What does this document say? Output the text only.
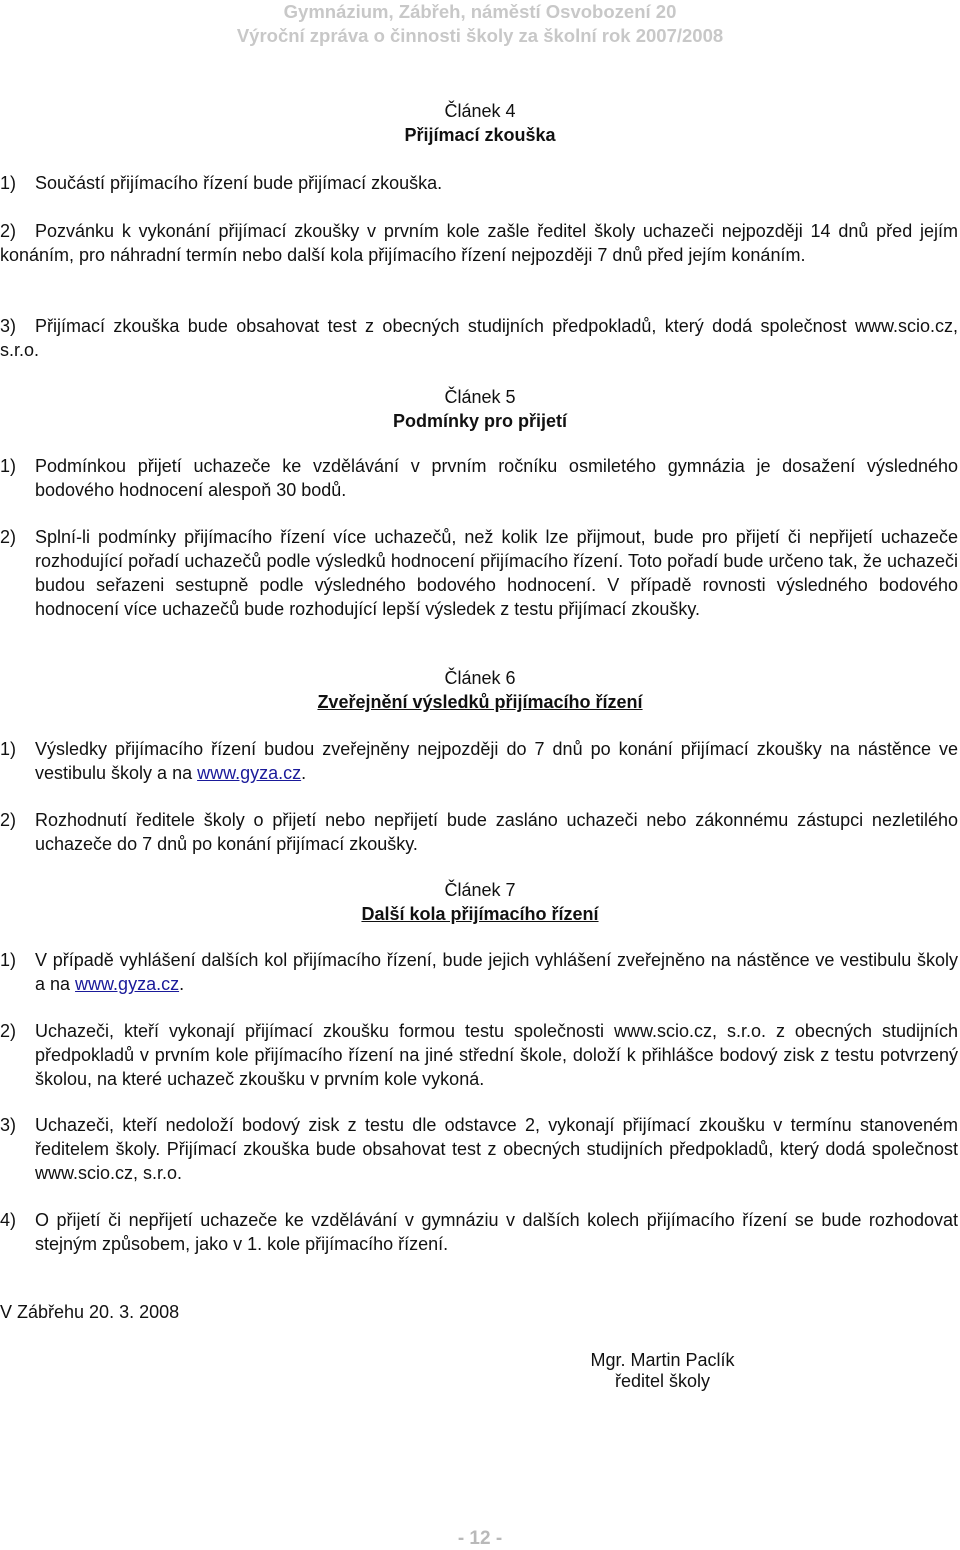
Gymnázium, Zábřeh, náměstí Osvobození 20
Výroční zpráva o činnosti školy za školní rok 2007/2008
Článek 4
Přijímací zkouška
1) Součástí přijímacího řízení bude přijímací zkouška.
2)	Pozvánku k vykonání přijímací zkoušky v prvním kole zašle ředitel školy uchazeči nejpozději 14 dnů před jejím konáním, pro náhradní termín nebo další kola přijímacího řízení nejpozději 7 dnů před jejím konáním.
3)	Přijímací zkouška bude obsahovat test z obecných studijních předpokladů, který dodá společnost www.scio.cz, s.r.o.
Článek 5
Podmínky pro přijetí
1) Podmínkou přijetí uchazeče ke vzdělávání v prvním ročníku osmiletého gymnázia je dosažení výsledného bodového hodnocení alespoň 30 bodů.
2) Splní-li podmínky přijímacího řízení více uchazečů, než kolik lze přijmout, bude pro přijetí či nepřijetí uchazeče rozhodující pořadí uchazečů podle výsledků hodnocení přijímacího řízení. Toto pořadí bude určeno tak, že uchazeči budou seřazeni sestupně podle výsledného bodového hodnocení. V případě rovnosti výsledného bodového hodnocení více uchazečů bude rozhodující lepší výsledek z testu přijímací zkoušky.
Článek 6
Zveřejnění výsledků přijímacího řízení
1) Výsledky přijímacího řízení budou zveřejněny nejpozději do 7 dnů po konání přijímací zkoušky na nástěnce ve vestibulu školy a na www.gyza.cz.
2) Rozhodnutí ředitele školy o přijetí nebo nepřijetí bude zasláno uchazeči nebo zákonnému zástupci nezletilého uchazeče do 7 dnů po konání přijímací zkoušky.
Článek 7
Další kola přijímacího řízení
1) V případě vyhlášení dalších kol přijímacího řízení, bude jejich vyhlášení zveřejněno na nástěnce ve vestibulu školy a na www.gyza.cz.
2) Uchazeči, kteří vykonají přijímací zkoušku formou testu společnosti www.scio.cz, s.r.o. z obecných studijních předpokladů v prvním kole přijímacího řízení na jiné střední škole, doloží k přihlášce bodový zisk z testu potvrzený školou, na které uchazeč zkoušku v prvním kole vykoná.
3) Uchazeči, kteří nedoloží bodový zisk z testu dle odstavce 2, vykonají přijímací zkoušku v termínu stanoveném ředitelem školy. Přijímací zkouška bude obsahovat test z obecných studijních předpokladů, který dodá společnost www.scio.cz, s.r.o.
4) O přijetí či nepřijetí uchazeče ke vzdělávání v gymnáziu v dalších kolech přijímacího řízení se bude rozhodovat stejným způsobem, jako v 1. kole přijímacího řízení.
V Zábřehu 20. 3. 2008
Mgr. Martin Paclík
ředitel školy
- 12 -
